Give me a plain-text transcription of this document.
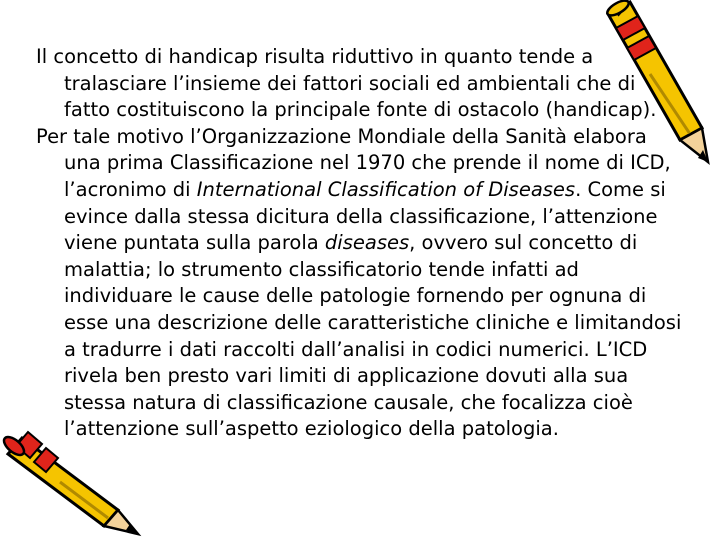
Il concetto di handicap risulta riduttivo in quanto tende a tralasciare l’insieme dei fattori sociali ed ambientali che di fatto costituiscono la principale fonte di ostacolo (handicap).

Per tale motivo l’Organizzazione Mondiale della Sanità elabora una prima Classificazione nel 1970 che prende il nome di ICD, l’acronimo di International Classification of Diseases. Come si evince dalla stessa dicitura della classificazione, l’attenzione viene puntata sulla parola diseases, ovvero sul concetto di malattia; lo strumento classificatorio tende infatti ad individuare le cause delle patologie fornendo per ognuna di esse una descrizione delle caratteristiche cliniche e limitandosi a tradurre i dati raccolti dall’analisi in codici numerici. L’ICD rivela ben presto vari limiti di applicazione dovuti alla sua stessa natura di classificazione causale, che focalizza cioè l’attenzione sull’aspetto eziologico della patologia.
